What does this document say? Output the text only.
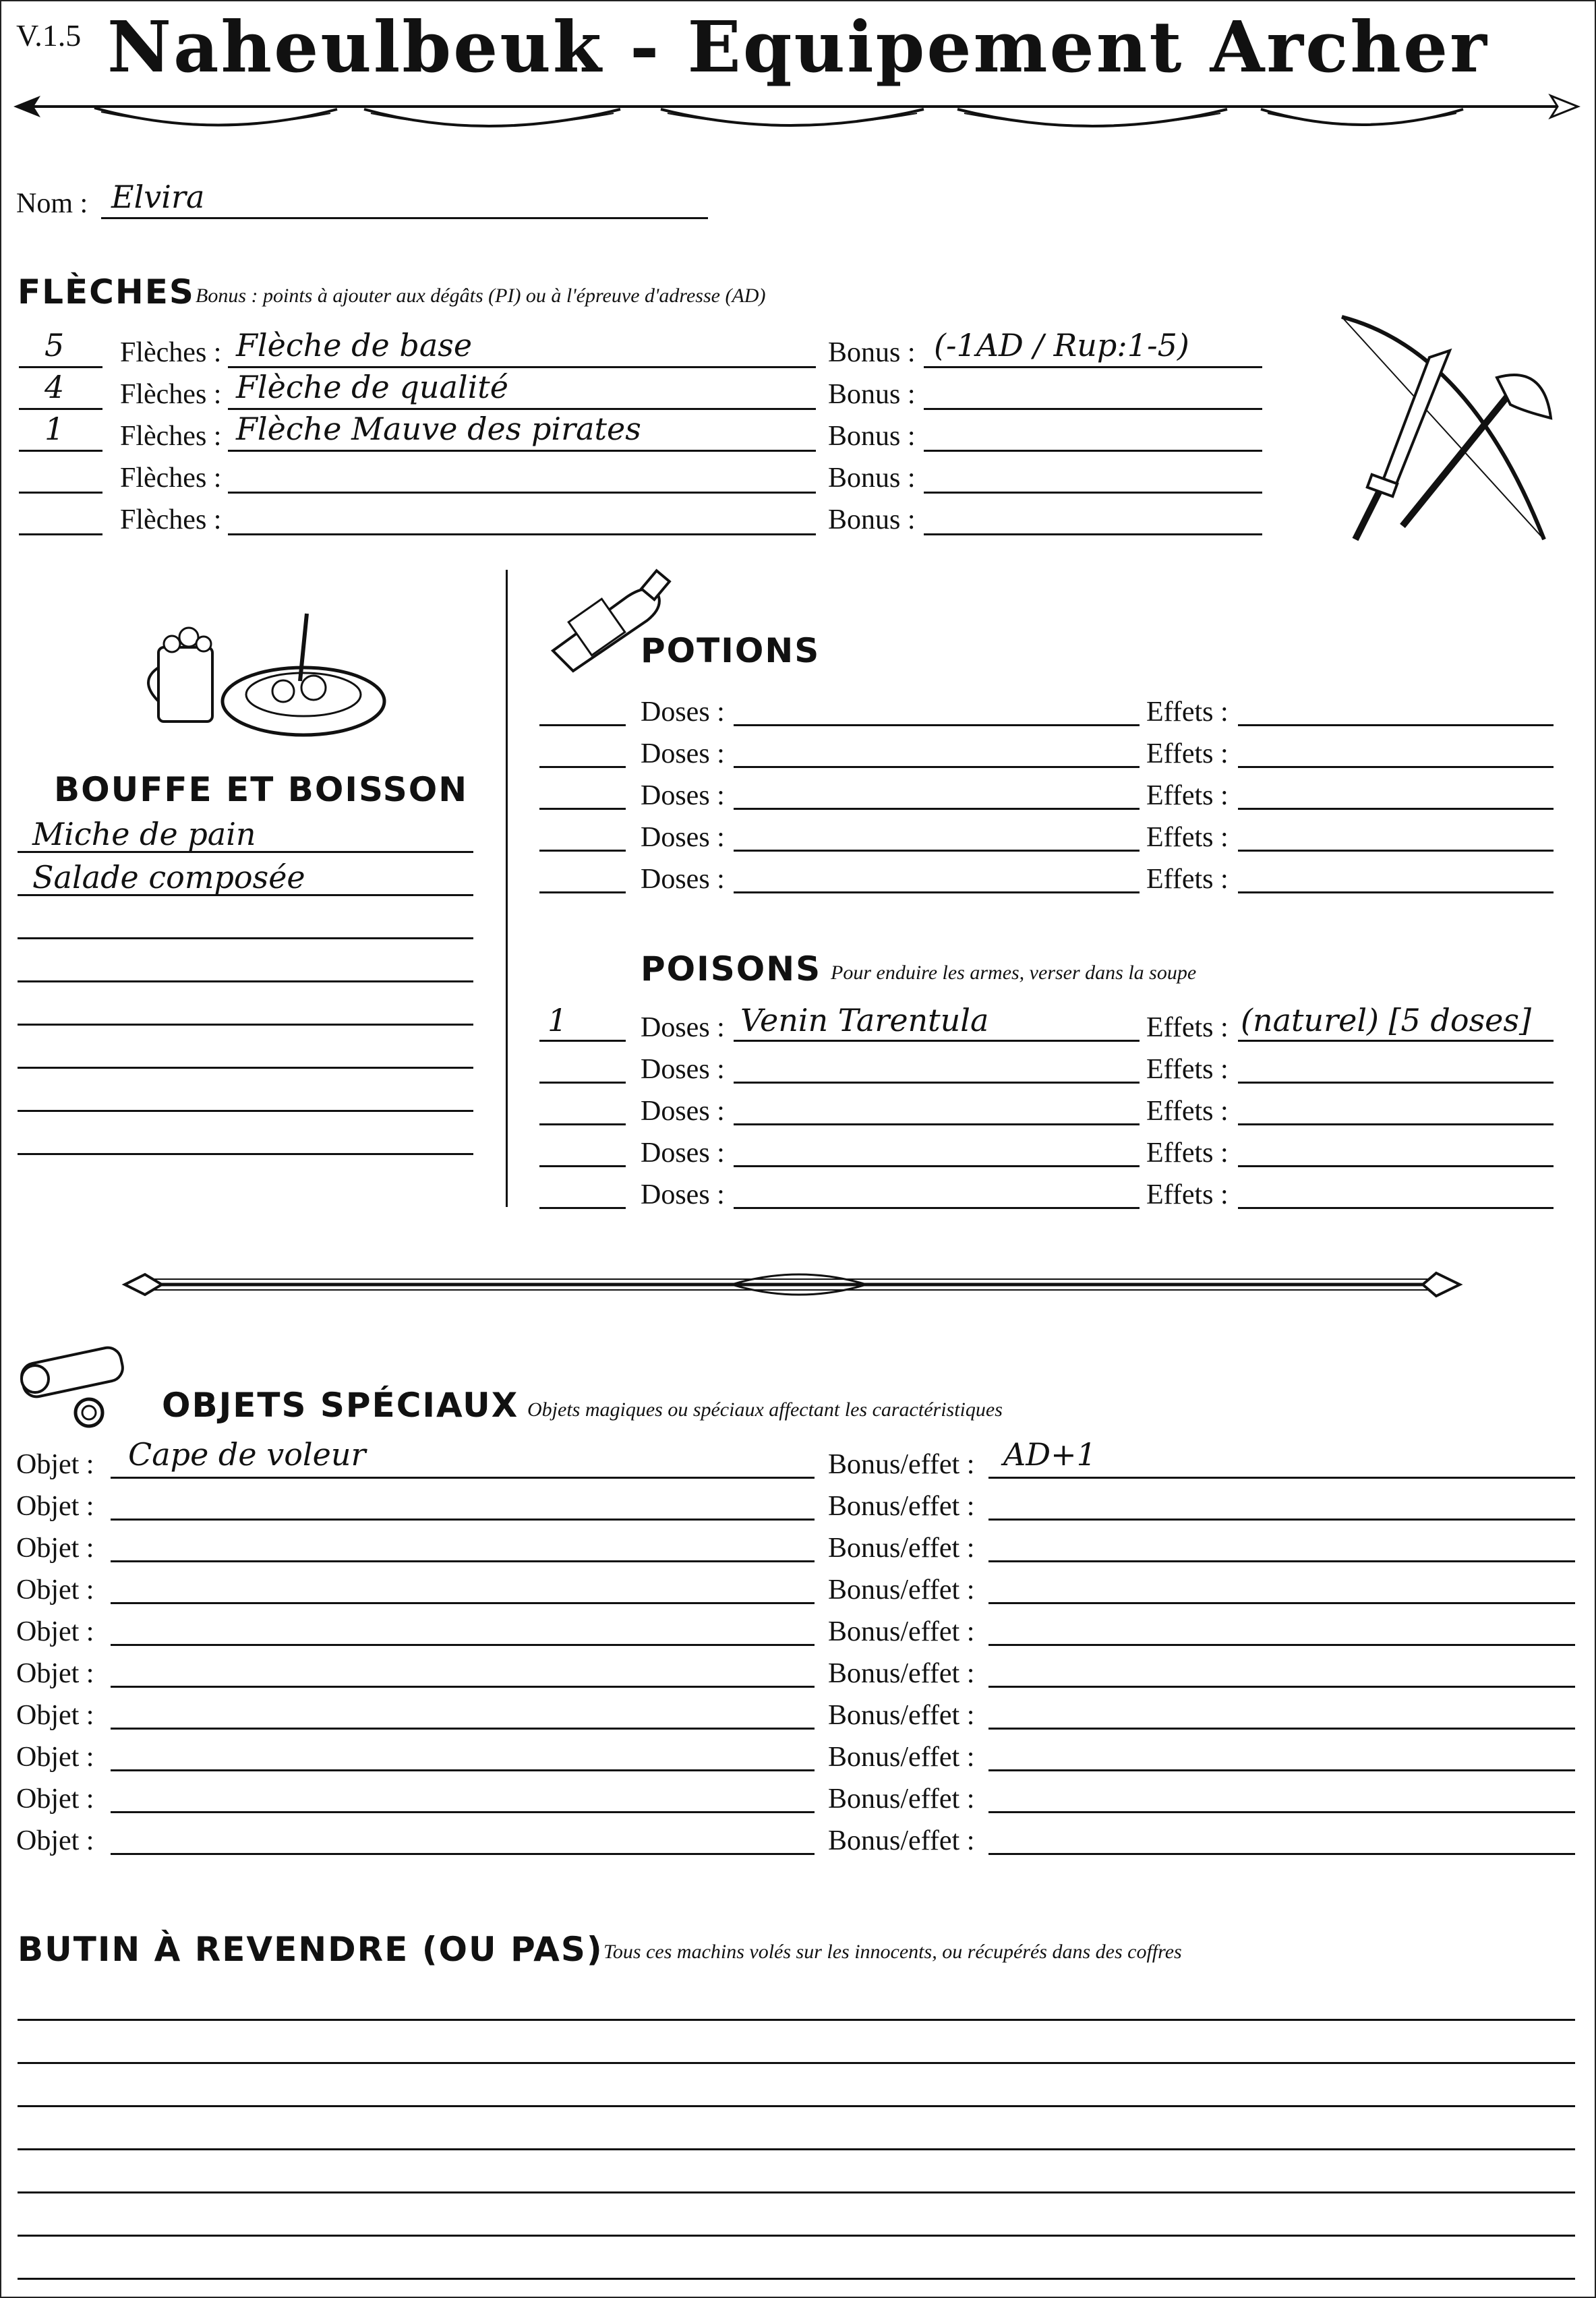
V.1.5 Naheulbeuk - Equipement Archer
Nom : Elvira
FLÈCHES Bonus : points à ajouter aux dégâts (PI) ou à l'épreuve d'adresse (AD)
5 Flèches : Flèche de base	Bonus : (-1AD / Rup:1-5)
4 Flèches : Flèche de qualité	Bonus :
1 Flèches : Flèche Mauve des pirates	Bonus :
Flèches :	Bonus :
Flèches :	Bonus :
BOUFFE ET BOISSON
Miche de pain
Salade composée
POTIONS
Doses :	Effets :
Doses :	Effets :
Doses :	Effets :
Doses :	Effets :
Doses :	Effets :
POISONS Pour enduire les armes, verser dans la soupe
1	Doses : Venin Tarentula	Effets : (naturel) [5 doses]
Doses :	Effets :
Doses :	Effets :
Doses :	Effets :
Doses :	Effets :
OBJETS SPÉCIAUX Objets magiques ou spéciaux affectant les caractéristiques
Objet : Cape de voleur	Bonus/effet : AD+1
Objet :	Bonus/effet :
Objet :	Bonus/effet :
Objet :	Bonus/effet :
Objet :	Bonus/effet :
Objet :	Bonus/effet :
Objet :	Bonus/effet :
Objet :	Bonus/effet :
Objet :	Bonus/effet :
Objet :	Bonus/effet :
BUTIN À REVENDRE (OU PAS) Tous ces machins volés sur les innocents, ou récupérés dans des coffres
